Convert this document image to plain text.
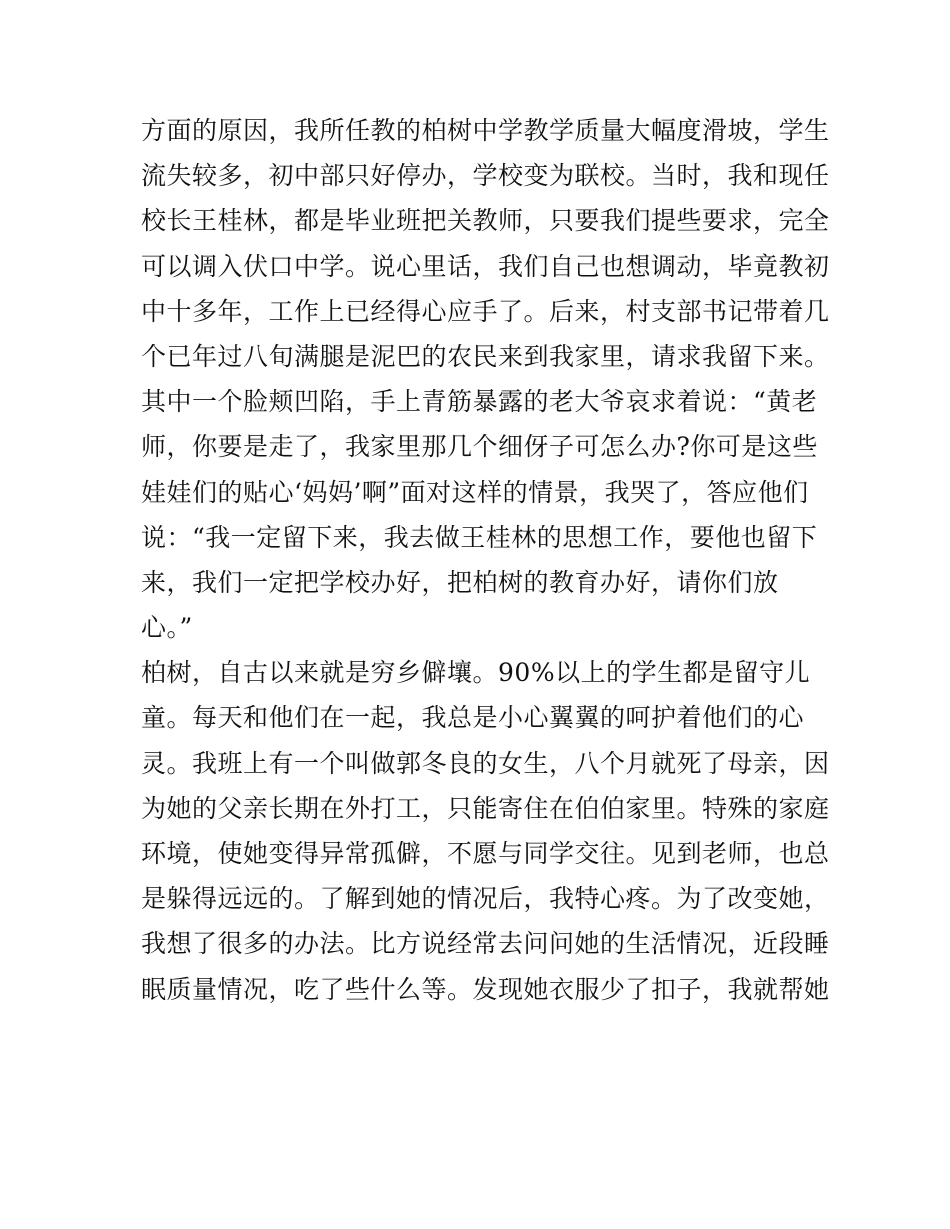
方面的原因，我所任教的柏树中学教学质量大幅度滑坡，学生
流失较多，初中部只好停办，学校变为联校。当时，我和现任
校长王桂林，都是毕业班把关教师，只要我们提些要求，完全
可以调入伏口中学。说心里话，我们自己也想调动，毕竟教初
中十多年，工作上已经得心应手了。后来，村支部书记带着几
个已年过八旬满腿是泥巴的农民来到我家里，请求我留下来。
其中一个脸颊凹陷，手上青筋暴露的老大爷哀求着说：“黄老
师，你要是走了，我家里那几个细伢子可怎么办?你可是这些
娃娃们的贴心‘妈妈’啊”面对这样的情景，我哭了，答应他们
说：“我一定留下来，我去做王桂林的思想工作，要他也留下
来，我们一定把学校办好，把柏树的教育办好，请你们放
心。”
柏树，自古以来就是穷乡僻壤。90%以上的学生都是留守儿
童。每天和他们在一起，我总是小心翼翼的呵护着他们的心
灵。我班上有一个叫做郭冬良的女生，八个月就死了母亲，因
为她的父亲长期在外打工，只能寄住在伯伯家里。特殊的家庭
环境，使她变得异常孤僻，不愿与同学交往。见到老师，也总
是躲得远远的。了解到她的情况后，我特心疼。为了改变她，
我想了很多的办法。比方说经常去问问她的生活情况，近段睡
眠质量情况，吃了些什么等。发现她衣服少了扣子，我就帮她
